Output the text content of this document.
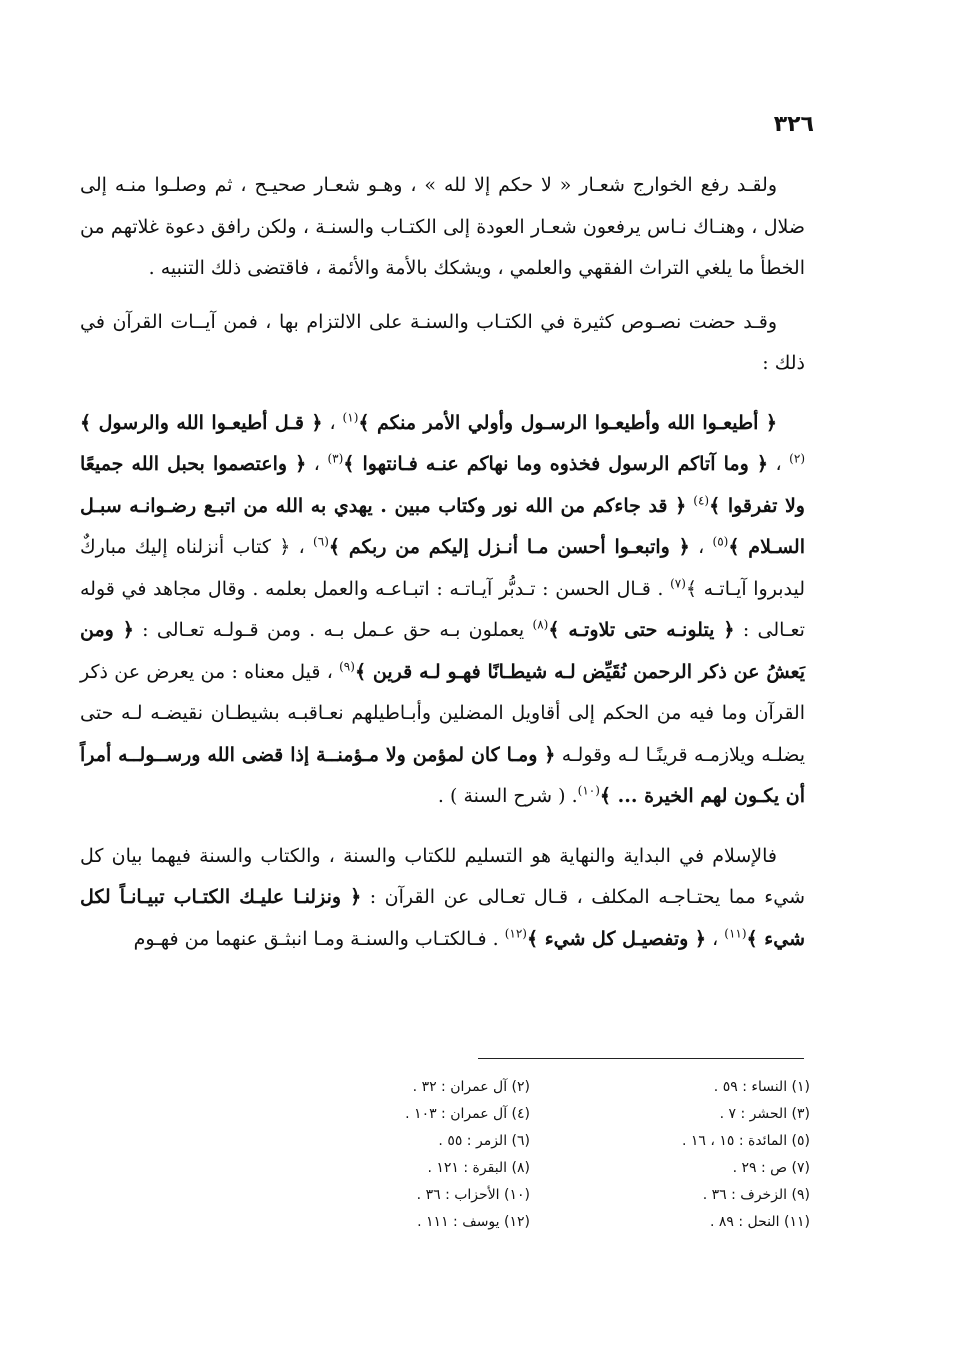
٣٢٦

ولقـد رفع الخوارج شعـار « لا حكم إلا لله » ، وهـو شعـار صحيـح ، ثم وصلـوا منـه إلى ضلال ، وهنـاك نـاس يرفعون شعـار العودة إلى الكتـاب والسنـة ، ولكن رافق دعوة غلاتهم من الخطأ ما يلغي التراث الفقهي والعلمي ، ويشكك بالأمة والأئمة ، فاقتضى ذلك التنبيه .

وقـد حضت نصـوص كثيرة في الكتـاب والسنـة على الالتزام بها ، فمن آيــات القرآن في ذلك :

﴿ أطيعـوا الله وأطيعـوا الرسـول وأولي الأمر منكم ﴾$^{(١)}$ ، ﴿ قـل أطيعـوا الله والرسول ﴾$^{(٢)}$ ، ﴿ وما آتاكم الرسول فخذوه وما نهاكم عنـه فـانتهوا ﴾$^{(٣)}$ ، ﴿ واعتصموا بحبل الله جميعًا ولا تفرقوا ﴾$^{(٤)}$ ﴿ قد جاءكم من الله نور وكتاب مبين . يهدي به الله من اتبـع رضـوانـه سبـل السـلام ﴾$^{(٥)}$ ، ﴿ واتبعـوا أحسن مـا أنـزل إليكم من ربكم ﴾$^{(٦)}$ ، ﴿ كتاب أنزلناه إليك مباركٌ ليدبروا آيـاتـه ﴾$^{(٧)}$ . قـال الحسن : تـدبُّر آيـاتـه : اتبـاعـه والعمل بعلمه . وقال مجاهد في قوله تعـالى : ﴿ يتلونـه حتى تلاوتـه ﴾$^{(٨)}$ يعملون بـه حق عـمل بـه . ومن قـولـه تعـالى : ﴿ ومن يَعشُ عن ذكر الرحمن نُقَيِّض لـه شيطـانًا فهـو لـه قرين ﴾$^{(٩)}$ ، قيل معناه : من يعرض عن ذكر القرآن وما فيه من الحكم إلى أقاويل المضلين وأبـاطيلهم نعـاقبـه بشيطـان نقيضـه لـه حتى يضلـه ويلازمـه قرينًـا لـه وقولـه ﴿ ومـا كان لمؤمن ولا مـؤمنــة إذا قضى الله ورســولــه أمراً أن يكـون لهم الخيرة ... ﴾$^{(١٠)}$. ( شرح السنة ) .

فالإسلام في البداية والنهاية هو التسليم للكتاب والسنة ، والكتاب والسنة فيهما بيان كل شيء مما يحتـاجـه المكلف ، قـال تعـالى عن القرآن : ﴿ ونزلنـا عليـك الكتـاب تبيـانـاً لكل شيء ﴾$^{(١١)}$ ، ﴿ وتفصيـل كل شيء ﴾$^{(١٢)}$ . فـالكتـاب والسنـة ومـا انبثـق عنهما من فهـوم

(١) النساء : ٥٩ .
(٢) آل عمران : ٣٢ .
(٣) الحشر : ٧ .
(٤) آل عمران : ١٠٣ .
(٥) المائدة : ١٥ ، ١٦ .
(٦) الزمر : ٥٥ .
(٧) ص : ٢٩ .
(٨) البقرة : ١٢١ .
(٩) الزخرف : ٣٦ .
(١٠) الأحزاب : ٣٦ .
(١١) النحل : ٨٩ .
(١٢) يوسف : ١١١ .
